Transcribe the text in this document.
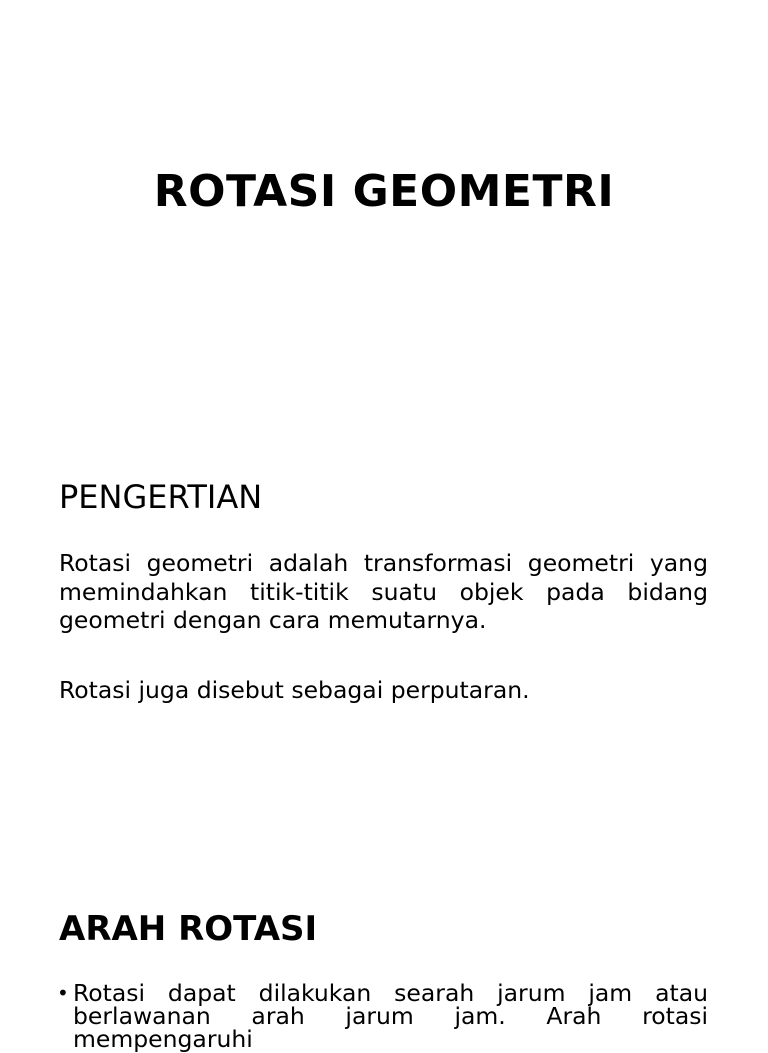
ROTASI GEOMETRI
PENGERTIAN

Rotasi geometri adalah transformasi geometri yang memindahkan titik-titik suatu objek pada bidang geometri dengan cara memutarnya.

Rotasi juga disebut sebagai perputaran.

ARAH ROTASI
• Rotasi dapat dilakukan searah jarum jam atau berlawanan arah jarum jam. Arah rotasi mempengaruhi
